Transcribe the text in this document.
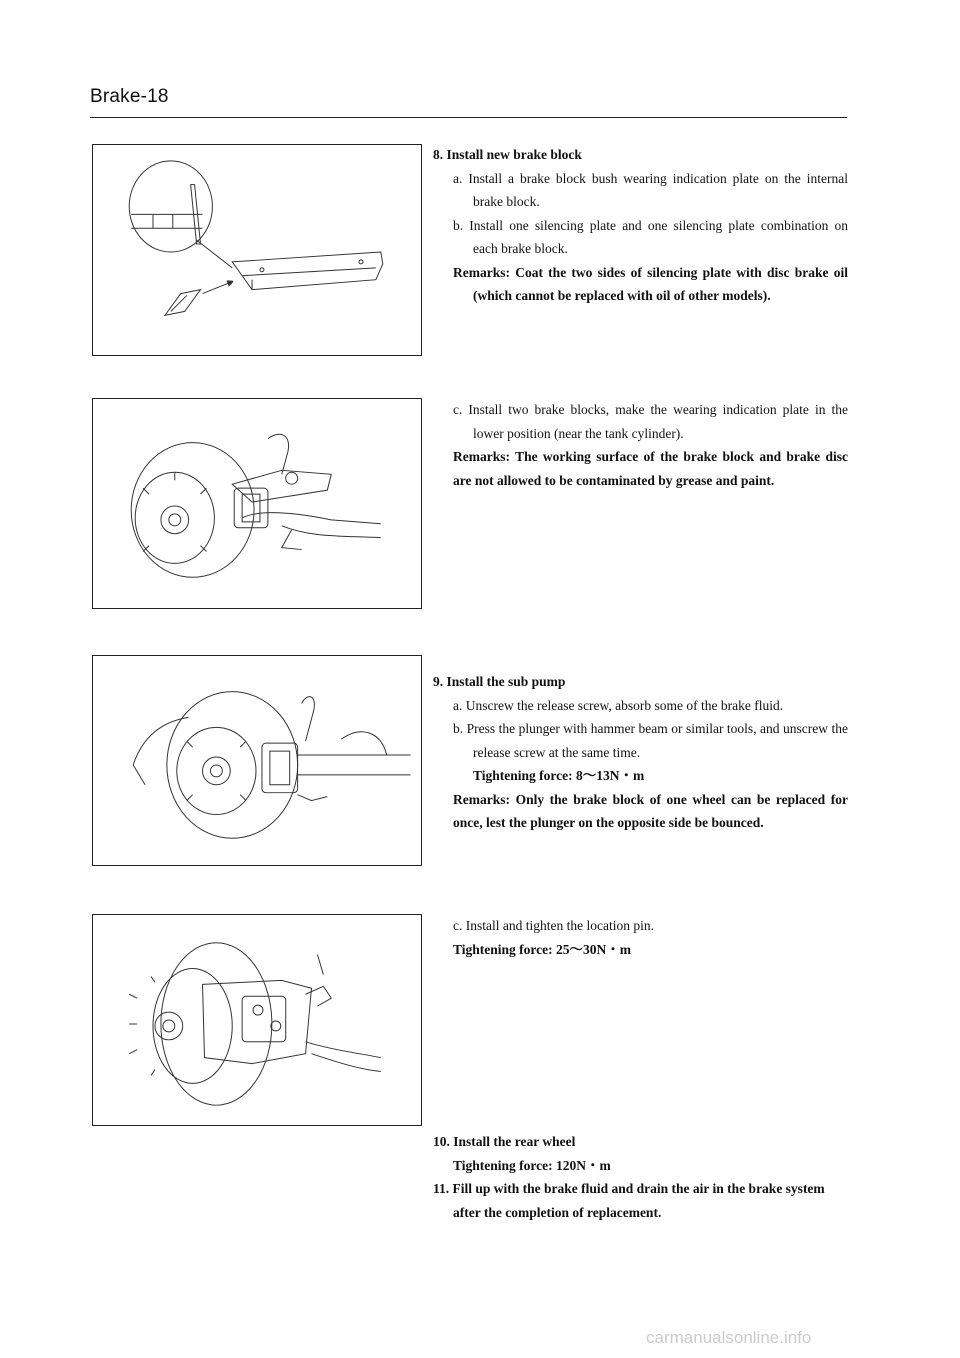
Brake-18
8. Install new brake block
a. Install a brake block bush wearing indication plate on the internal brake block.
b. Install one silencing plate and one silencing plate combination on each brake block.
Remarks: Coat the two sides of silencing plate with disc brake oil (which cannot be replaced with oil of other models).
c. Install two brake blocks, make the wearing indication plate in the lower position (near the tank cylinder).
Remarks: The working surface of the brake block and brake disc are not allowed to be contaminated by grease and paint.
9. Install the sub pump
a. Unscrew the release screw, absorb some of the brake fluid.
b. Press the plunger with hammer beam or similar tools, and unscrew the release screw at the same time.
Tightening force: 8～13N・m
Remarks: Only the brake block of one wheel can be replaced for once, lest the plunger on the opposite side be bounced.
c. Install and tighten the location pin.
Tightening force: 25～30N・m
10. Install the rear wheel
Tightening force: 120N・m
11. Fill up with the brake fluid and drain the air in the brake system after the completion of replacement.
carmanualsonline.info
